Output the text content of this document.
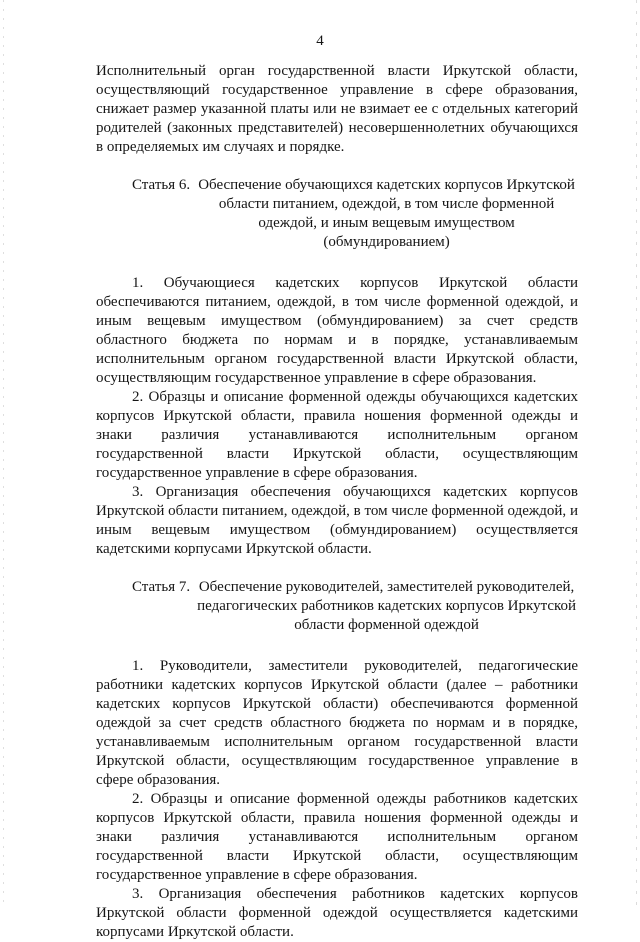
4

Исполнительный орган государственной власти Иркутской области, осуществляющий государственное управление в сфере образования, снижает размер указанной платы или не взимает ее с отдельных категорий родителей (законных представителей) несовершеннолетних обучающихся в определяемых им случаях и порядке.

Статья 6. Обеспечение обучающихся кадетских корпусов Иркутской области питанием, одеждой, в том числе форменной одеждой, и иным вещевым имуществом (обмундированием)

1. Обучающиеся кадетских корпусов Иркутской области обеспечиваются питанием, одеждой, в том числе форменной одеждой, и иным вещевым имуществом (обмундированием) за счет средств областного бюджета по нормам и в порядке, устанавливаемым исполнительным органом государственной власти Иркутской области, осуществляющим государственное управление в сфере образования.

2. Образцы и описание форменной одежды обучающихся кадетских корпусов Иркутской области, правила ношения форменной одежды и знаки различия устанавливаются исполнительным органом государственной власти Иркутской области, осуществляющим государственное управление в сфере образования.

3. Организация обеспечения обучающихся кадетских корпусов Иркутской области питанием, одеждой, в том числе форменной одеждой, и иным вещевым имуществом (обмундированием) осуществляется кадетскими корпусами Иркутской области.

Статья 7. Обеспечение руководителей, заместителей руководителей, педагогических работников кадетских корпусов Иркутской области форменной одеждой

1. Руководители, заместители руководителей, педагогические работники кадетских корпусов Иркутской области (далее – работники кадетских корпусов Иркутской области) обеспечиваются форменной одеждой за счет средств областного бюджета по нормам и в порядке, устанавливаемым исполнительным органом государственной власти Иркутской области, осуществляющим государственное управление в сфере образования.

2. Образцы и описание форменной одежды работников кадетских корпусов Иркутской области, правила ношения форменной одежды и знаки различия устанавливаются исполнительным органом государственной власти Иркутской области, осуществляющим государственное управление в сфере образования.

3. Организация обеспечения работников кадетских корпусов Иркутской области форменной одеждой осуществляется кадетскими корпусами Иркутской области.
